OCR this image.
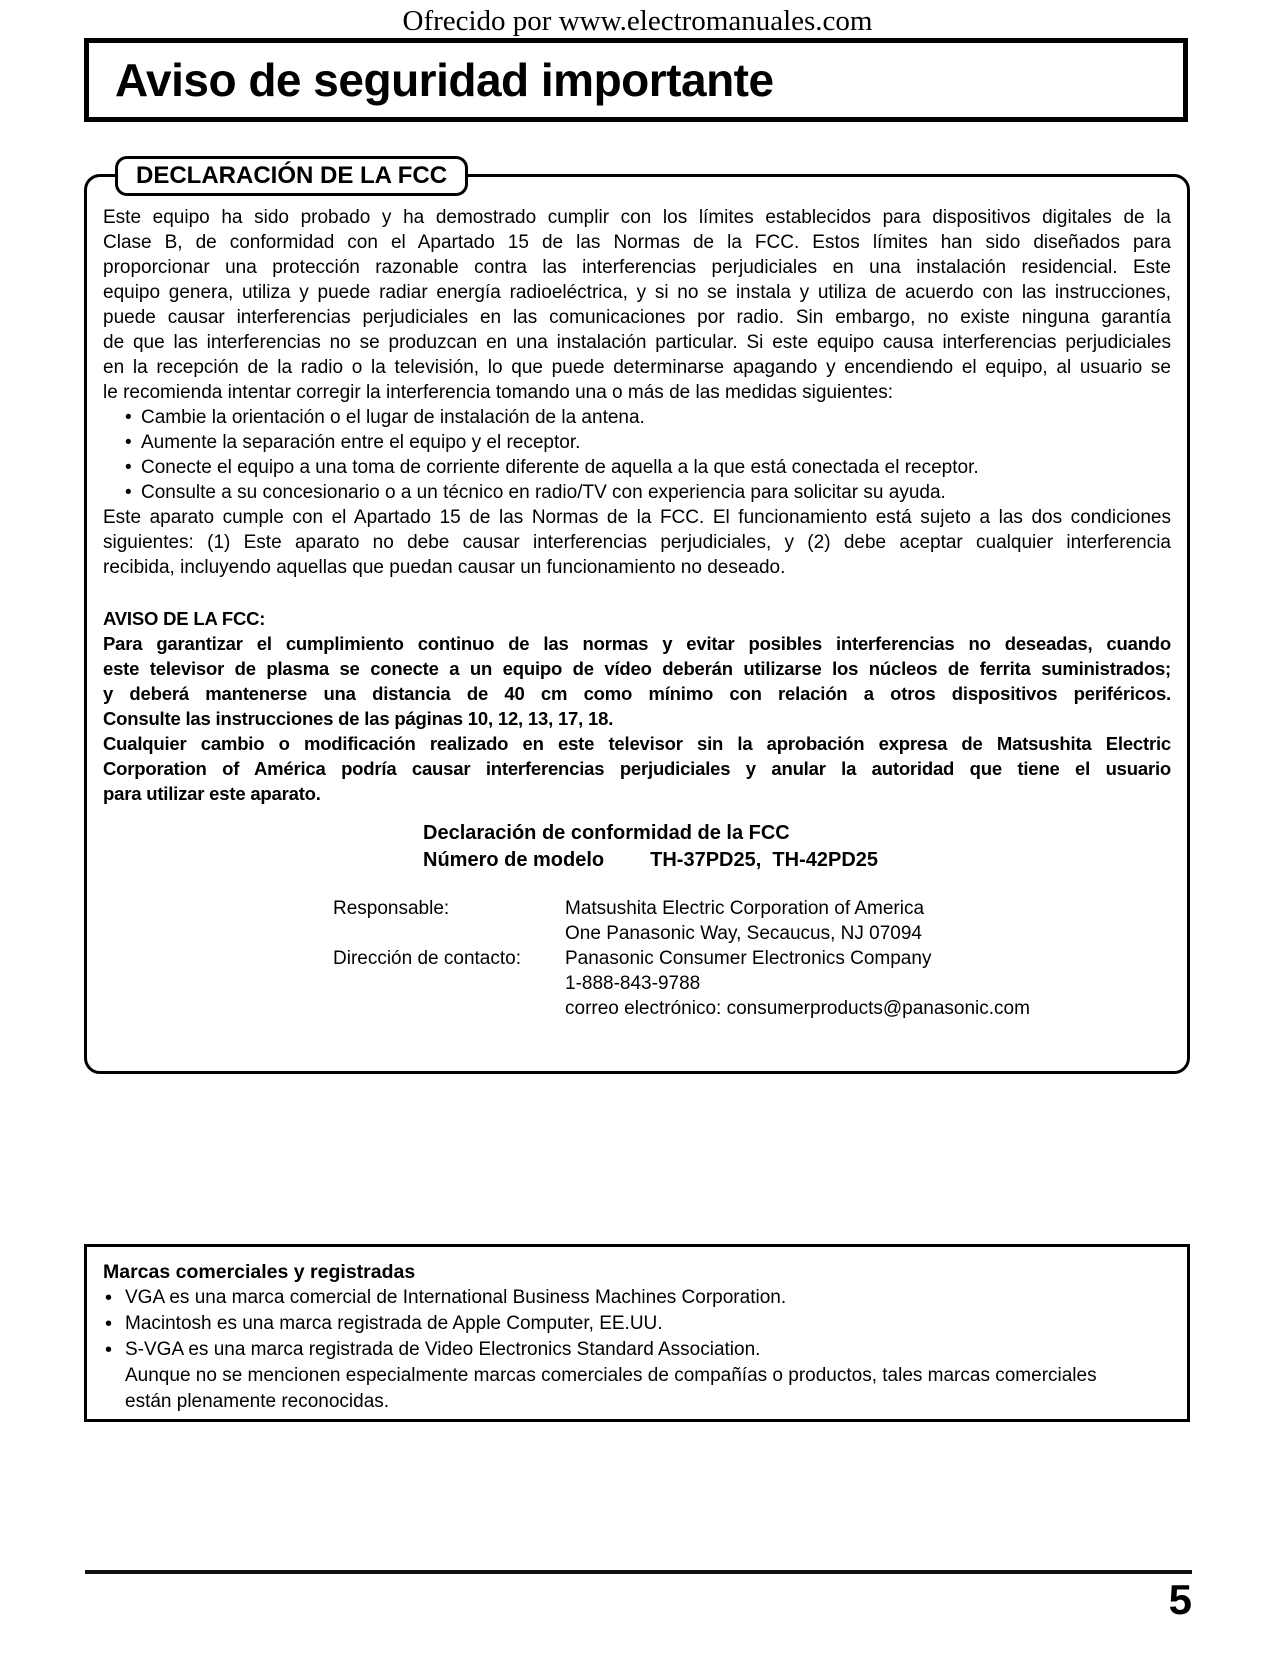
Ofrecido por www.electromanuales.com
Aviso de seguridad importante
DECLARACIÓN DE LA FCC
Este equipo ha sido probado y ha demostrado cumplir con los límites establecidos para dispositivos digitales de la
Clase B, de conformidad con el Apartado 15 de las Normas de la FCC. Estos límites han sido diseñados para
proporcionar una protección razonable contra las interferencias perjudiciales en una instalación residencial. Este
equipo genera, utiliza y puede radiar energía radioeléctrica, y si no se instala y utiliza de acuerdo con las instrucciones,
puede causar interferencias perjudiciales en las comunicaciones por radio. Sin embargo, no existe ninguna garantía
de que las interferencias no se produzcan en una instalación particular. Si este equipo causa interferencias perjudiciales
en la recepción de la radio o la televisión, lo que puede determinarse apagando y encendiendo el equipo, al usuario se
le recomienda intentar corregir la interferencia tomando una o más de las medidas siguientes:
• Cambie la orientación o el lugar de instalación de la antena.
• Aumente la separación entre el equipo y el receptor.
• Conecte el equipo a una toma de corriente diferente de aquella a la que está conectada el receptor.
• Consulte a su concesionario o a un técnico en radio/TV con experiencia para solicitar su ayuda.
Este aparato cumple con el Apartado 15 de las Normas de la FCC. El funcionamiento está sujeto a las dos condiciones
siguientes: (1) Este aparato no debe causar interferencias perjudiciales, y (2) debe aceptar cualquier interferencia
recibida, incluyendo aquellas que puedan causar un funcionamiento no deseado.
AVISO DE LA FCC:
Para garantizar el cumplimiento continuo de las normas y evitar posibles interferencias no deseadas, cuando
este televisor de plasma se conecte a un equipo de vídeo deberán utilizarse los núcleos de ferrita suministrados;
y deberá mantenerse una distancia de 40 cm como mínimo con relación a otros dispositivos periféricos.
Consulte las instrucciones de las páginas 10, 12, 13, 17, 18.
Cualquier cambio o modificación realizado en este televisor sin la aprobación expresa de Matsushita Electric
Corporation of América podría causar interferencias perjudiciales y anular la autoridad que tiene el usuario
para utilizar este aparato.
Declaración de conformidad de la FCC
Número de modelo TH-37PD25,  TH-42PD25
Responsable:	Matsushita Electric Corporation of America
One Panasonic Way, Secaucus, NJ 07094
Dirección de contacto:	Panasonic Consumer Electronics Company
1-888-843-9788
correo electrónico: consumerproducts@panasonic.com
Marcas comerciales y registradas
• VGA es una marca comercial de International Business Machines Corporation.
• Macintosh es una marca registrada de Apple Computer, EE.UU.
• S-VGA es una marca registrada de Video Electronics Standard Association.
Aunque no se mencionen especialmente marcas comerciales de compañías o productos, tales marcas comerciales
están plenamente reconocidas.
5
